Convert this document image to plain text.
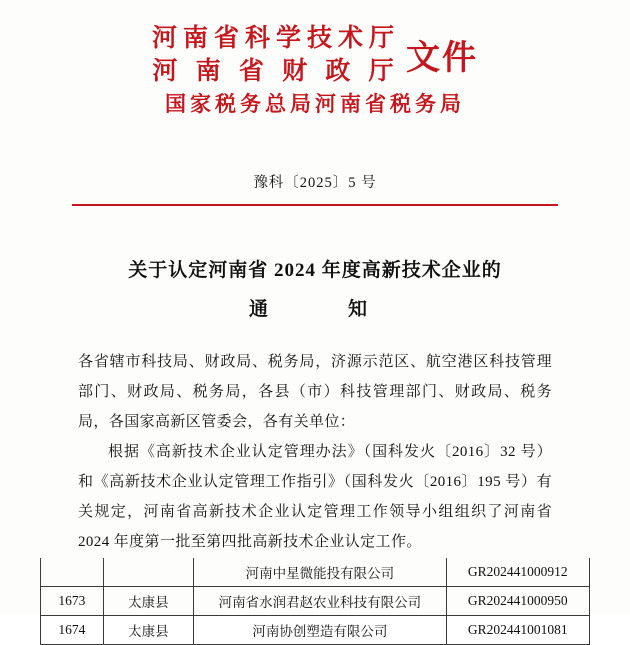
河南省科学技术厅
河 南 省 财 政 厅 文件
国家税务总局河南省税务局
豫科〔2025〕5 号
关于认定河南省 2024 年度高新技术企业的
通　　知

各省辖市科技局、财政局、税务局，济源示范区、航空港区科技管理部门、财政局、税务局，各县（市）科技管理部门、财政局、税务局，各国家高新区管委会，各有关单位：

根据《高新技术企业认定管理办法》（国科发火〔2016〕32 号）和《高新技术企业认定管理工作指引》（国科发火〔2016〕195 号）有关规定，河南省高新技术企业认定管理工作领导小组组织了河南省 2024 年度第一批至第四批高新技术企业认定工作。

		河南中星微能投有限公司	GR202441000912
1673	太康县	河南省水润君赵农业科技有限公司	GR202441000950
1674	太康县	河南协创塑造有限公司	GR202441001081
